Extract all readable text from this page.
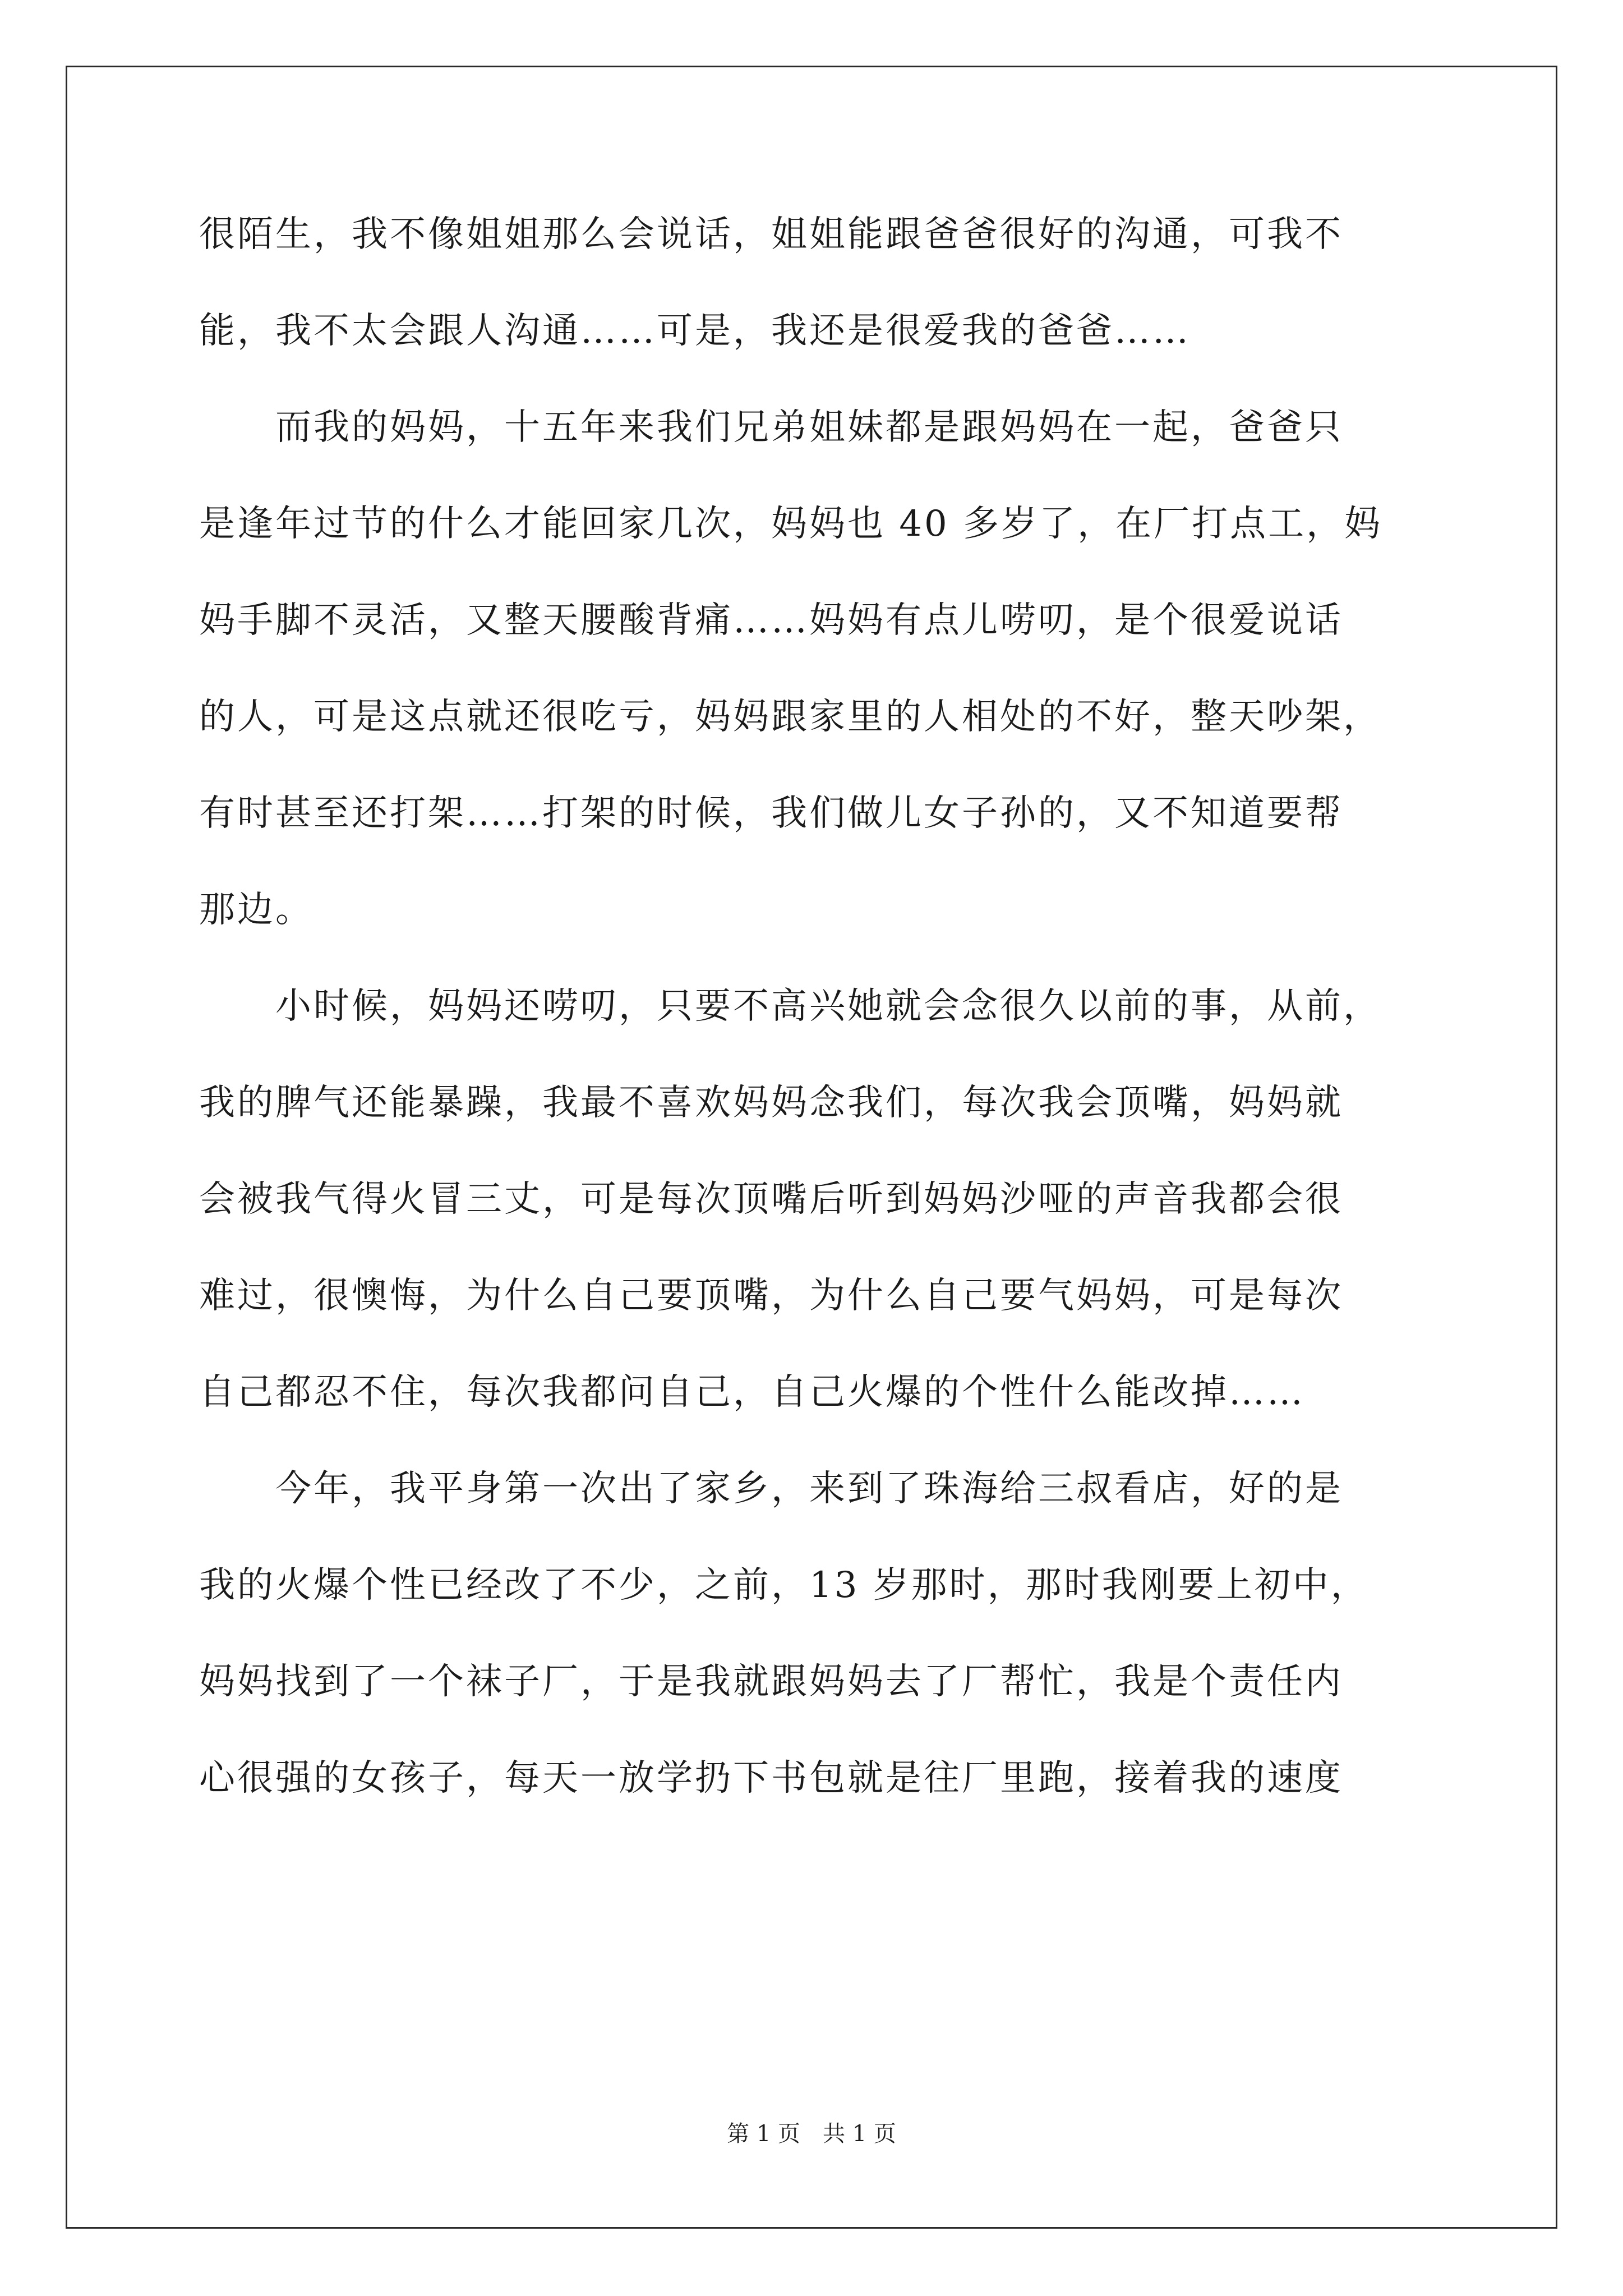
很陌生，我不像姐姐那么会说话，姐姐能跟爸爸很好的沟通，可我不
能，我不太会跟人沟通……可是，我还是很爱我的爸爸……
　　而我的妈妈，十五年来我们兄弟姐妹都是跟妈妈在一起，爸爸只
是逢年过节的什么才能回家几次，妈妈也 40 多岁了，在厂打点工，妈
妈手脚不灵活，又整天腰酸背痛……妈妈有点儿唠叨，是个很爱说话
的人，可是这点就还很吃亏，妈妈跟家里的人相处的不好，整天吵架，
有时甚至还打架……打架的时候，我们做儿女子孙的，又不知道要帮
那边。
　　小时候，妈妈还唠叨，只要不高兴她就会念很久以前的事，从前，
我的脾气还能暴躁，我最不喜欢妈妈念我们，每次我会顶嘴，妈妈就
会被我气得火冒三丈，可是每次顶嘴后听到妈妈沙哑的声音我都会很
难过，很懊悔，为什么自己要顶嘴，为什么自己要气妈妈，可是每次
自己都忍不住，每次我都问自己，自己火爆的个性什么能改掉……
　　今年，我平身第一次出了家乡，来到了珠海给三叔看店，好的是
我的火爆个性已经改了不少，之前，13 岁那时，那时我刚要上初中，
妈妈找到了一个袜子厂，于是我就跟妈妈去了厂帮忙，我是个责任内
心很强的女孩子，每天一放学扔下书包就是往厂里跑，接着我的速度
第 1 页　共 1 页
